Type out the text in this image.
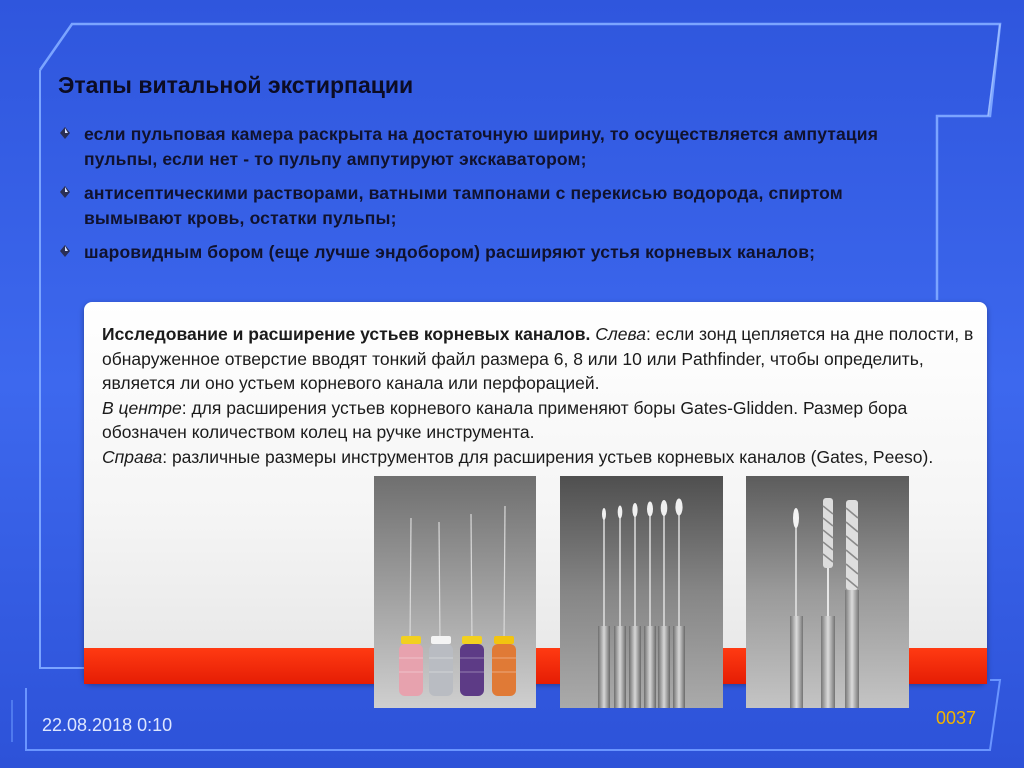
Этапы витальной экстирпации
если пульповая камера раскрыта на достаточную ширину, то осуществляется ампутация пульпы, если нет - то пульпу ампутируют экскаватором;
антисептическими растворами, ватными тампонами с перекисью водорода, спиртом вымывают кровь, остатки пульпы;
шаровидным бором (еще лучше эндобором) расширяют устья корневых каналов;

Исследование и расширение устьев корневых каналов. Слева: если зонд цепляется на дне полости, в обнаруженное отверстие вводят тонкий файл размера 6, 8 или 10 или Pathfinder, чтобы определить, является ли оно устьем корневого канала или перфорацией.
В центре: для расширения устьев корневого канала применяют боры Gates-Glidden. Размер бора обозначен количеством колец на ручке инструмента.
Справа: различные размеры инструментов для расширения устьев корневых каналов (Gates, Peeso).

22.08.2018 0:10	0037
